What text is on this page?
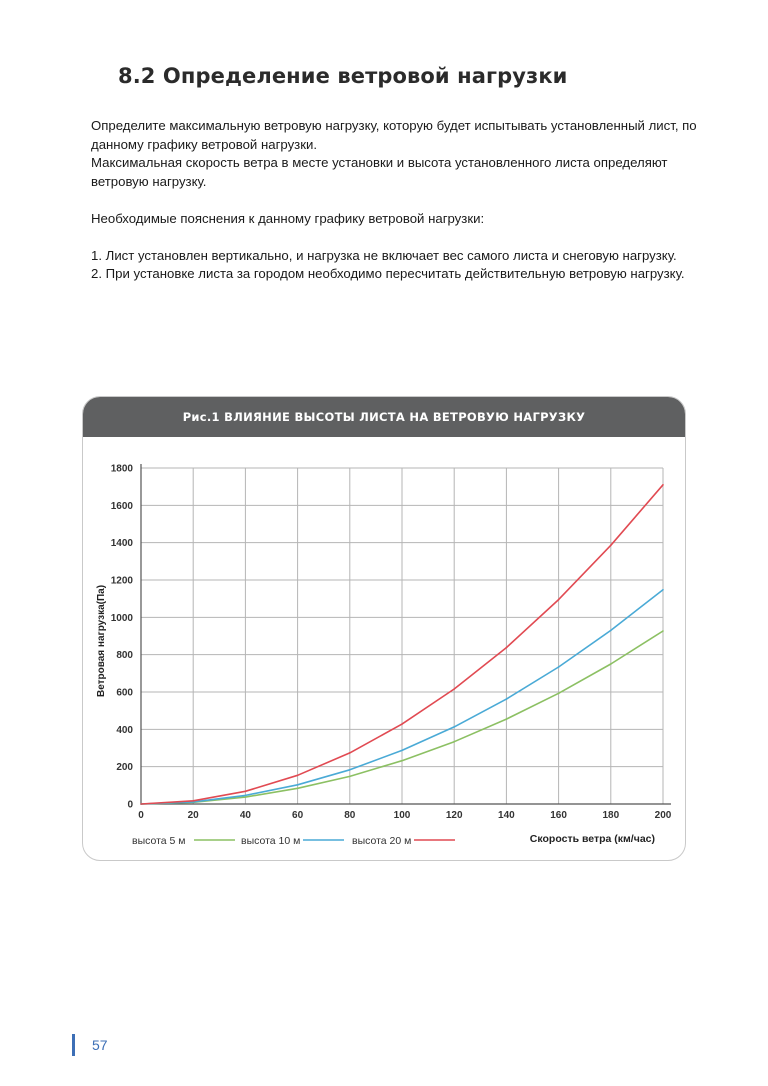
8.2 Определение ветровой нагрузки

Определите максимальную ветровую нагрузку, которую будет испытывать установленный лист, по данному графику ветровой нагрузки.

Максимальная скорость ветра в месте установки и высота установленного листа определяют ветровую нагрузку.

Необходимые пояснения к данному графику ветровой нагрузки:

1. Лист установлен вертикально, и нагрузка не включает вес самого листа и снеговую нагрузку.

2. При установке листа за городом необходимо пересчитать действительную ветровую нагрузку.

Рис.1 ВЛИЯНИЕ ВЫСОТЫ ЛИСТА НА ВЕТРОВУЮ НАГРУЗКУ
0
200
400
600
800
1000
1200
1400
1600
1800
0	20	40	60	80	100	120	140	160	180	200
Ветровая нагрузка(Па)
Скорость ветра (км/час)
высота 5 м	высота 10 м	высота 20 м
57
